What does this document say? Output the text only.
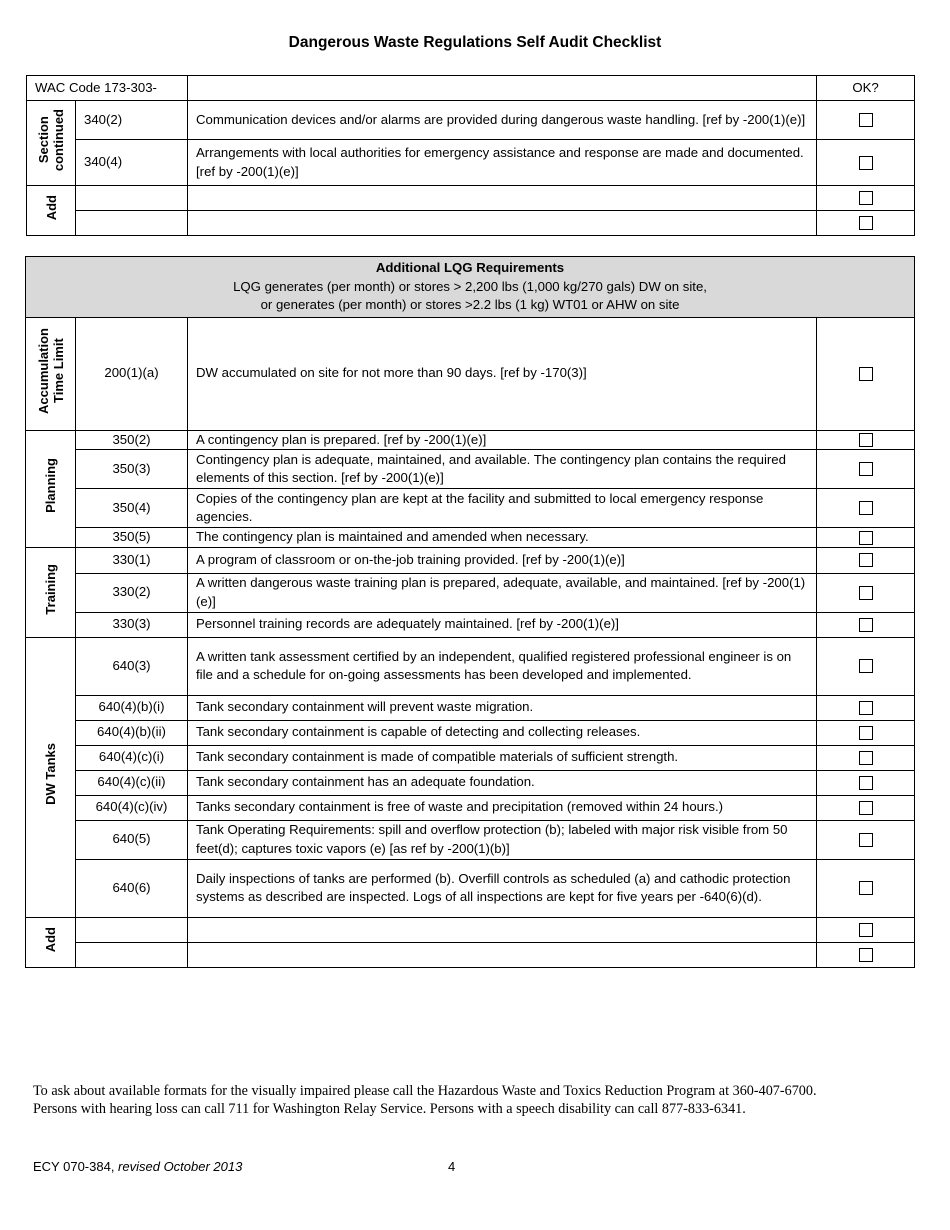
Dangerous Waste Regulations Self Audit Checklist
WAC Code 173-303-			OK?
Section
continued	340(2)	Communication devices and/or alarms are provided during dangerous waste handling. [ref by -200(1)(e)]	
	340(4)	Arrangements with local authorities for emergency assistance and response are made and documented. [ref by -200(1)(e)]	
Add			

Additional LQG Requirements
LQG generates (per month) or stores > 2,200 lbs (1,000 kg/270 gals) DW on site,
or generates (per month) or stores >2.2 lbs (1 kg) WT01 or AHW on site			

Accumulation
Time Limit	200(1)(a)	DW accumulated on site for not more than 90 days. [ref by -170(3)]	
Planning	350(2)	A contingency plan is prepared. [ref by -200(1)(e)]	
	350(3)	Contingency plan is adequate, maintained, and available. The contingency plan contains the required elements of this section. [ref by -200(1)(e)]	
	350(4)	Copies of the contingency plan are kept at the facility and submitted to local emergency response agencies.	
	350(5)	The contingency plan is maintained and amended when necessary.	
Training	330(1)	A program of classroom or on-the-job training provided. [ref by -200(1)(e)]	
	330(2)	A written dangerous waste training plan is prepared, adequate, available, and maintained. [ref by -200(1)(e)]	
	330(3)	Personnel training records are adequately maintained. [ref by -200(1)(e)]	
DW Tanks	640(3)	A written tank assessment certified by an independent, qualified registered professional engineer is on file and a schedule for on-going assessments has been developed and implemented.	
	640(4)(b)(i)	Tank secondary containment will prevent waste migration.	
	640(4)(b)(ii)	Tank secondary containment is capable of detecting and collecting releases.	
	640(4)(c)(i)	Tank secondary containment is made of compatible materials of sufficient strength.	
	640(4)(c)(ii)	Tank secondary containment has an adequate foundation.	
	640(4)(c)(iv)	Tanks secondary containment is free of waste and precipitation (removed within 24 hours.)	
	640(5)	Tank Operating Requirements: spill and overflow protection (b); labeled with major risk visible from 50 feet(d); captures toxic vapors (e) [as ref by -200(1)(b)]	
	640(6)	Daily inspections of tanks are performed (b). Overfill controls as scheduled (a) and cathodic protection systems as described are inspected. Logs of all inspections are kept for five years per -640(6)(d).	
Add			

To ask about available formats for the visually impaired please call the Hazardous Waste and Toxics Reduction Program at 360-407-6700.
Persons with hearing loss can call 711 for Washington Relay Service. Persons with a speech disability can call 877-833-6341.
ECY 070-384, revised October 2013	4
